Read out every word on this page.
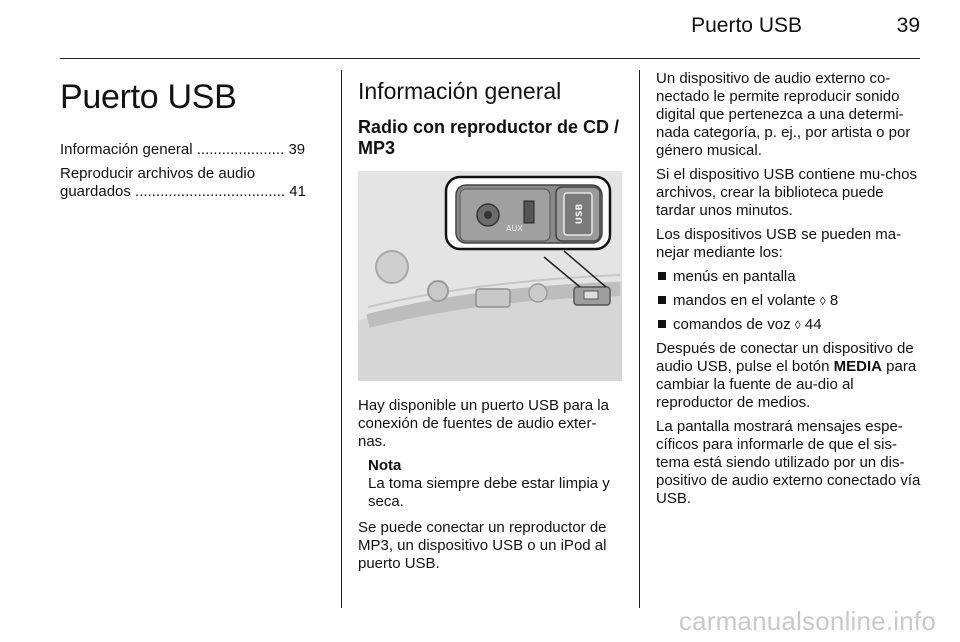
Puerto USB	39
Puerto USB
Información general ..................... 39
Reproducir archivos de audio
guardados .................................... 41
Información general
Radio con reproductor de CD /
MP3
AUX
USB

Hay disponible un puerto USB para la conexión de fuentes de audio exter-nas.

Nota

La toma siempre debe estar limpia y seca.

Se puede conectar un reproductor de MP3, un dispositivo USB o un iPod al puerto USB.

Un dispositivo de audio externo co-nectado le permite reproducir sonido digital que pertenezca a una determi-nada categoría, p. ej., por artista o por género musical.

Si el dispositivo USB contiene mu-chos archivos, crear la biblioteca puede tardar unos minutos.

Los dispositivos USB se pueden ma-nejar mediante los:

menús en pantalla
mandos en el volante ◊ 8
comandos de voz ◊ 44

Después de conectar un dispositivo de audio USB, pulse el botón MEDIA para cambiar la fuente de au-dio al reproductor de medios.

La pantalla mostrará mensajes espe-cíficos para informarle de que el sis-tema está siendo utilizado por un dis-positivo de audio externo conectado vía USB.

carmanualsonline.info
